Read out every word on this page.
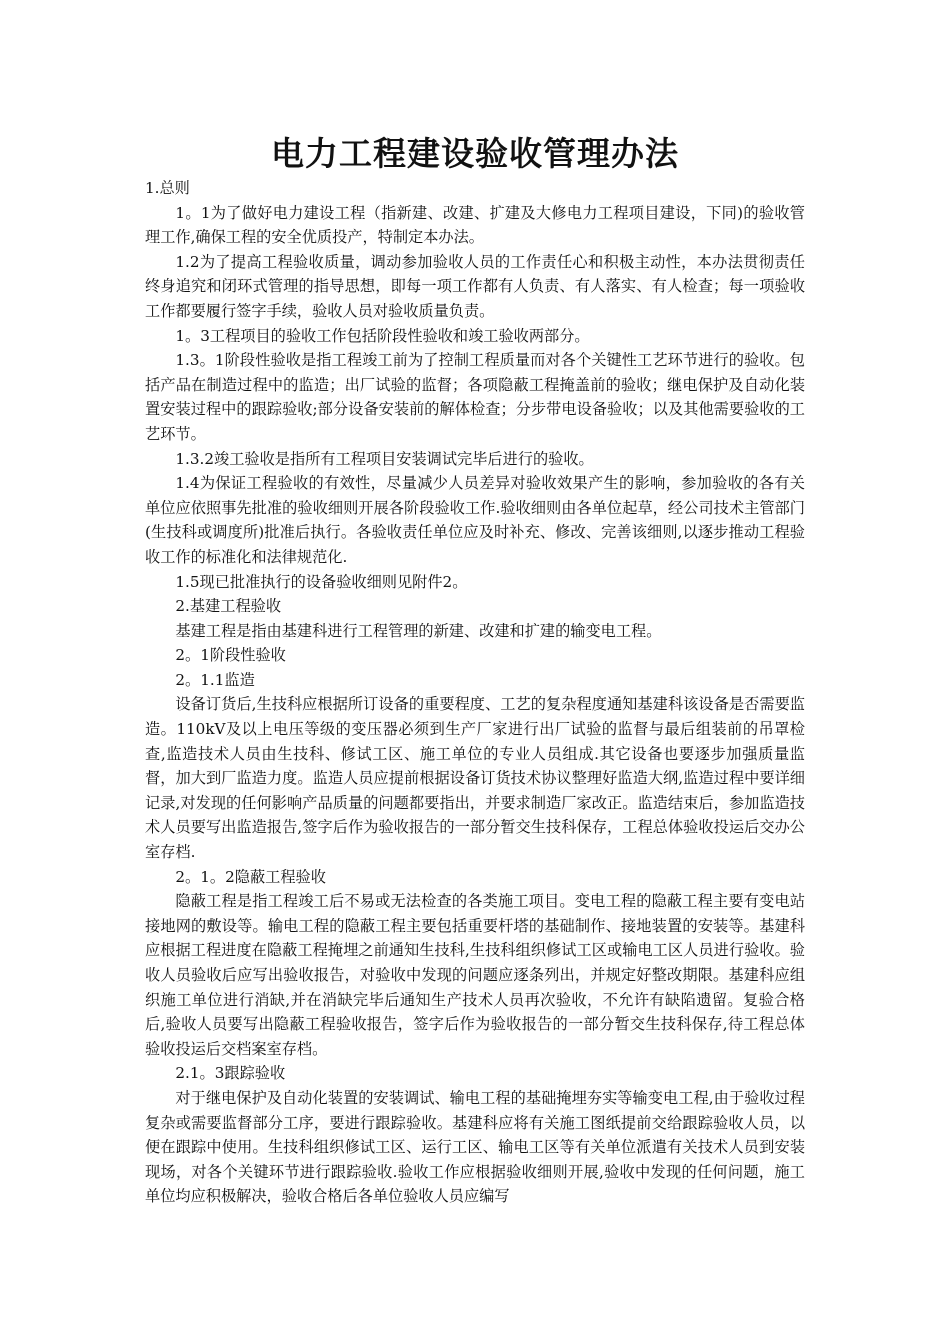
电力工程建设验收管理办法

1.总则

1。1为了做好电力建设工程（指新建、改建、扩建及大修电力工程项目建设，下同)的验收管理工作,确保工程的安全优质投产，特制定本办法。

1.2为了提高工程验收质量，调动参加验收人员的工作责任心和积极主动性，本办法贯彻责任终身追究和闭环式管理的指导思想，即每一项工作都有人负责、有人落实、有人检查；每一项验收工作都要履行签字手续，验收人员对验收质量负责。

1。3工程项目的验收工作包括阶段性验收和竣工验收两部分。

1.3。1阶段性验收是指工程竣工前为了控制工程质量而对各个关键性工艺环节进行的验收。包括产品在制造过程中的监造；出厂试验的监督；各项隐蔽工程掩盖前的验收；继电保护及自动化装置安装过程中的跟踪验收;部分设备安装前的解体检查；分步带电设备验收；以及其他需要验收的工艺环节。

1.3.2竣工验收是指所有工程项目安装调试完毕后进行的验收。

1.4为保证工程验收的有效性，尽量减少人员差异对验收效果产生的影响，参加验收的各有关单位应依照事先批准的验收细则开展各阶段验收工作.验收细则由各单位起草，经公司技术主管部门(生技科或调度所)批准后执行。各验收责任单位应及时补充、修改、完善该细则,以逐步推动工程验收工作的标准化和法律规范化.

1.5现已批准执行的设备验收细则见附件2。

2.基建工程验收

基建工程是指由基建科进行工程管理的新建、改建和扩建的输变电工程。

2。1阶段性验收

2。1.1监造

设备订货后,生技科应根据所订设备的重要程度、工艺的复杂程度通知基建科该设备是否需要监造。110kV及以上电压等级的变压器必须到生产厂家进行出厂试验的监督与最后组装前的吊罩检查,监造技术人员由生技科、修试工区、施工单位的专业人员组成.其它设备也要逐步加强质量监督，加大到厂监造力度。监造人员应提前根据设备订货技术协议整理好监造大纲,监造过程中要详细记录,对发现的任何影响产品质量的问题都要指出，并要求制造厂家改正。监造结束后，参加监造技术人员要写出监造报告,签字后作为验收报告的一部分暂交生技科保存，工程总体验收投运后交办公室存档.

2。1。2隐蔽工程验收

隐蔽工程是指工程竣工后不易或无法检查的各类施工项目。变电工程的隐蔽工程主要有变电站接地网的敷设等。输电工程的隐蔽工程主要包括重要杆塔的基础制作、接地装置的安装等。基建科应根据工程进度在隐蔽工程掩埋之前通知生技科,生技科组织修试工区或输电工区人员进行验收。验收人员验收后应写出验收报告，对验收中发现的问题应逐条列出，并规定好整改期限。基建科应组织施工单位进行消缺,并在消缺完毕后通知生产技术人员再次验收，不允许有缺陷遗留。复验合格后,验收人员要写出隐蔽工程验收报告，签字后作为验收报告的一部分暂交生技科保存,待工程总体验收投运后交档案室存档。

2.1。3跟踪验收

对于继电保护及自动化装置的安装调试、输电工程的基础掩埋夯实等输变电工程,由于验收过程复杂或需要监督部分工序，要进行跟踪验收。基建科应将有关施工图纸提前交给跟踪验收人员，以便在跟踪中使用。生技科组织修试工区、运行工区、输电工区等有关单位派遣有关技术人员到安装现场，对各个关键环节进行跟踪验收.验收工作应根据验收细则开展,验收中发现的任何问题，施工单位均应积极解决，验收合格后各单位验收人员应编写
